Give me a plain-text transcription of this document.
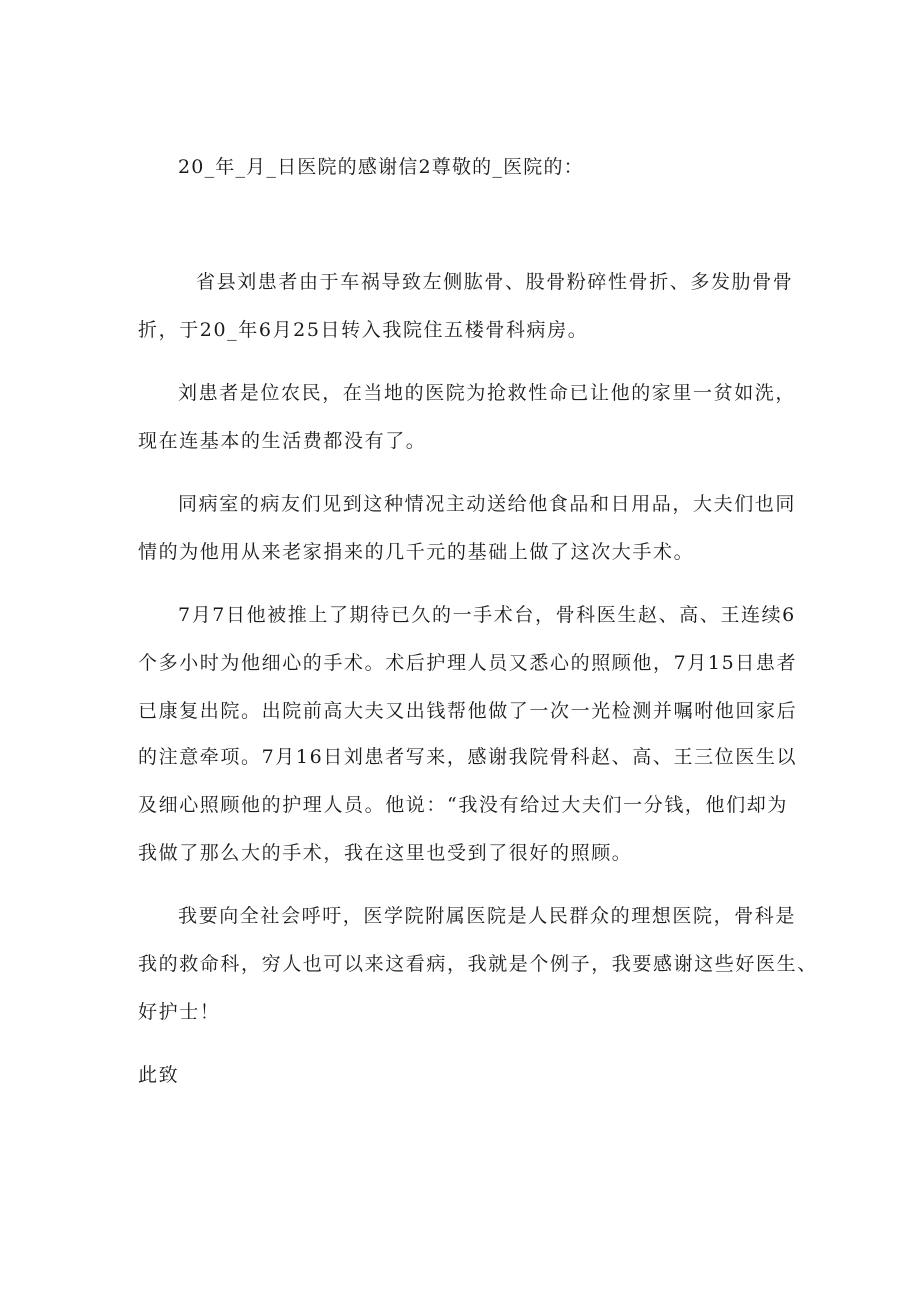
20_年_月_日医院的感谢信2尊敬的_医院的：
省县刘患者由于车祸导致左侧肱骨、股骨粉碎性骨折、多发肋骨骨
折，于20_年6月25日转入我院住五楼骨科病房。
刘患者是位农民，在当地的医院为抢救性命已让他的家里一贫如洗，
现在连基本的生活费都没有了。
同病室的病友们见到这种情况主动送给他食品和日用品，大夫们也同
情的为他用从来老家捐来的几千元的基础上做了这次大手术。
7月7日他被推上了期待已久的一手术台，骨科医生赵、高、王连续6
个多小时为他细心的手术。术后护理人员又悉心的照顾他，7月15日患者
已康复出院。出院前高大夫又出钱帮他做了一次一光检测并嘱咐他回家后
的注意牵项。7月16日刘患者写来，感谢我院骨科赵、高、王三位医生以
及细心照顾他的护理人员。他说：“我没有给过大夫们一分钱，他们却为
我做了那么大的手术，我在这里也受到了很好的照顾。
我要向全社会呼吁，医学院附属医院是人民群众的理想医院，骨科是
我的救命科，穷人也可以来这看病，我就是个例子，我要感谢这些好医生、
好护士！
此致
